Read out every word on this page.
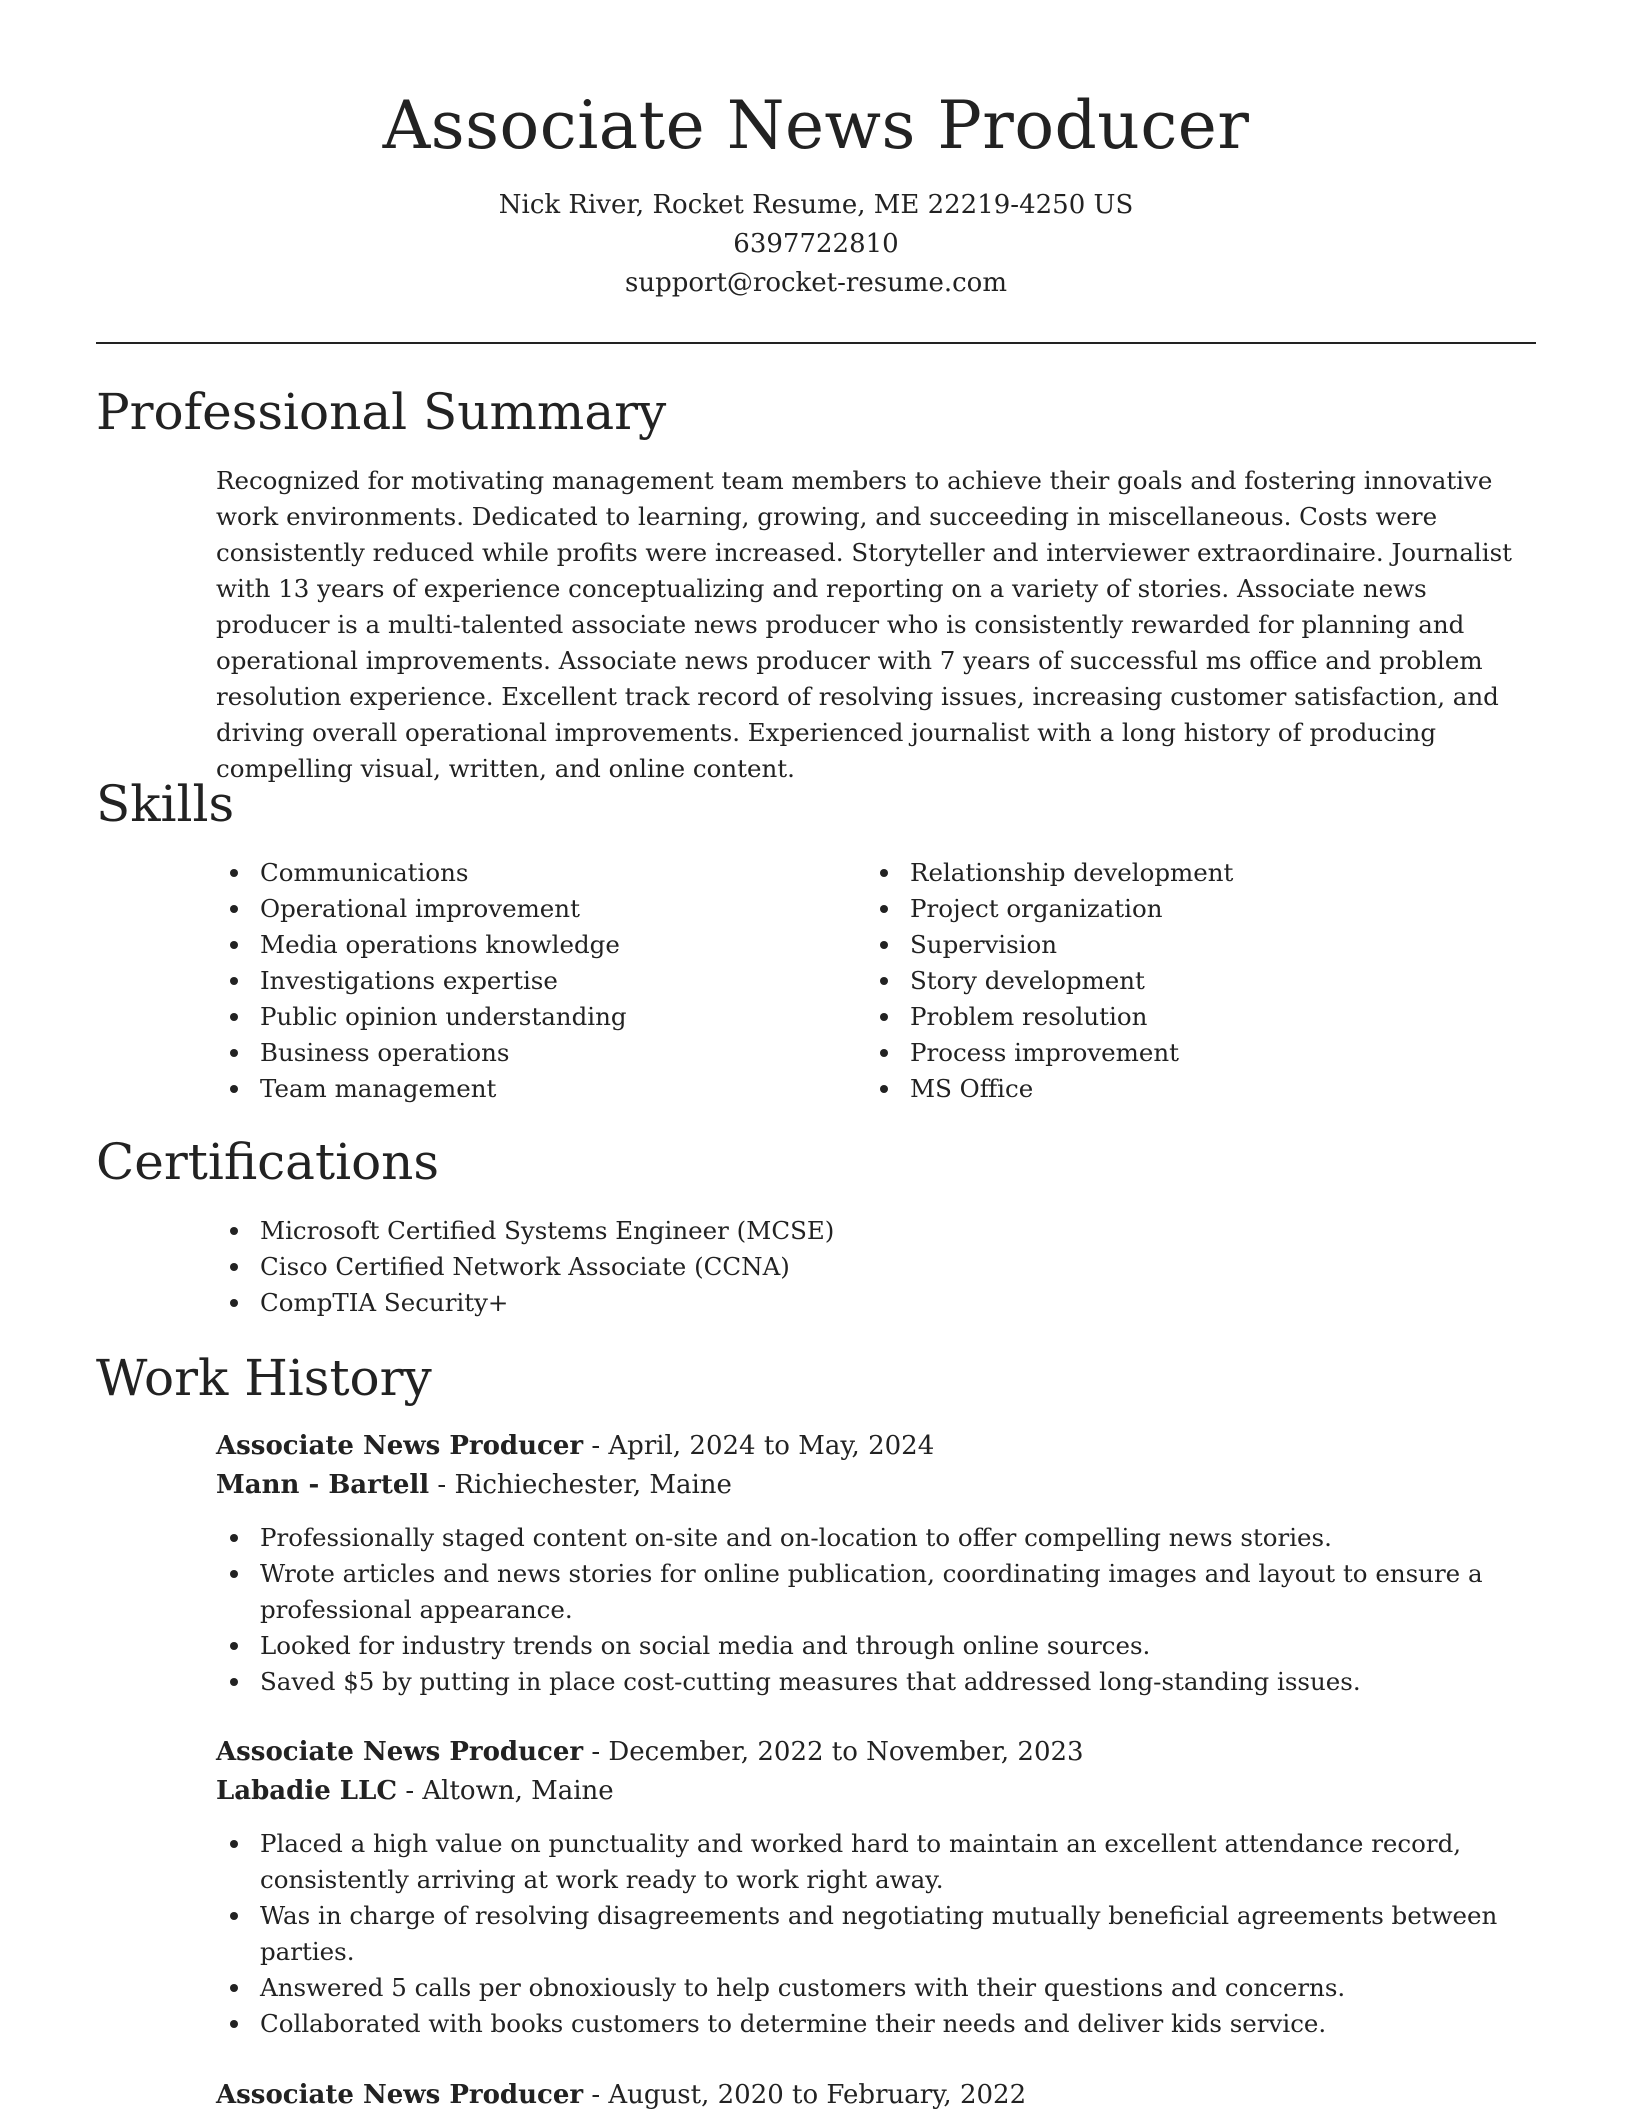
Associate News Producer

Nick River, Rocket Resume, ME 22219-4250 US

6397722810

support@rocket-resume.com

Professional Summary

Recognized for motivating management team members to achieve their goals and fostering innovative work environments. Dedicated to learning, growing, and succeeding in miscellaneous. Costs were consistently reduced while profits were increased. Storyteller and interviewer extraordinaire. Journalist with 13 years of experience conceptualizing and reporting on a variety of stories. Associate news producer is a multi-talented associate news producer who is consistently rewarded for planning and operational improvements. Associate news producer with 7 years of successful ms office and problem resolution experience. Excellent track record of resolving issues, increasing customer satisfaction, and driving overall operational improvements. Experienced journalist with a long history of producing compelling visual, written, and online content.

Skills
Communications
Operational improvement
Media operations knowledge
Investigations expertise
Public opinion understanding
Business operations
Team management
Relationship development
Project organization
Supervision
Story development
Problem resolution
Process improvement
MS Office
Certifications
Microsoft Certified Systems Engineer (MCSE)
Cisco Certified Network Associate (CCNA)
CompTIA Security+
Work History

Associate News Producer - April, 2024 to May, 2024

Mann - Bartell - Richiechester, Maine

Professionally staged content on-site and on-location to offer compelling news stories.
Wrote articles and news stories for online publication, coordinating images and layout to ensure a professional appearance.
Looked for industry trends on social media and through online sources.
Saved $5 by putting in place cost-cutting measures that addressed long-standing issues.

Associate News Producer - December, 2022 to November, 2023

Labadie LLC - Altown, Maine

Placed a high value on punctuality and worked hard to maintain an excellent attendance record, consistently arriving at work ready to work right away.
Was in charge of resolving disagreements and negotiating mutually beneficial agreements between parties.
Answered 5 calls per obnoxiously to help customers with their questions and concerns.
Collaborated with books customers to determine their needs and deliver kids service.

Associate News Producer - August, 2020 to February, 2022
